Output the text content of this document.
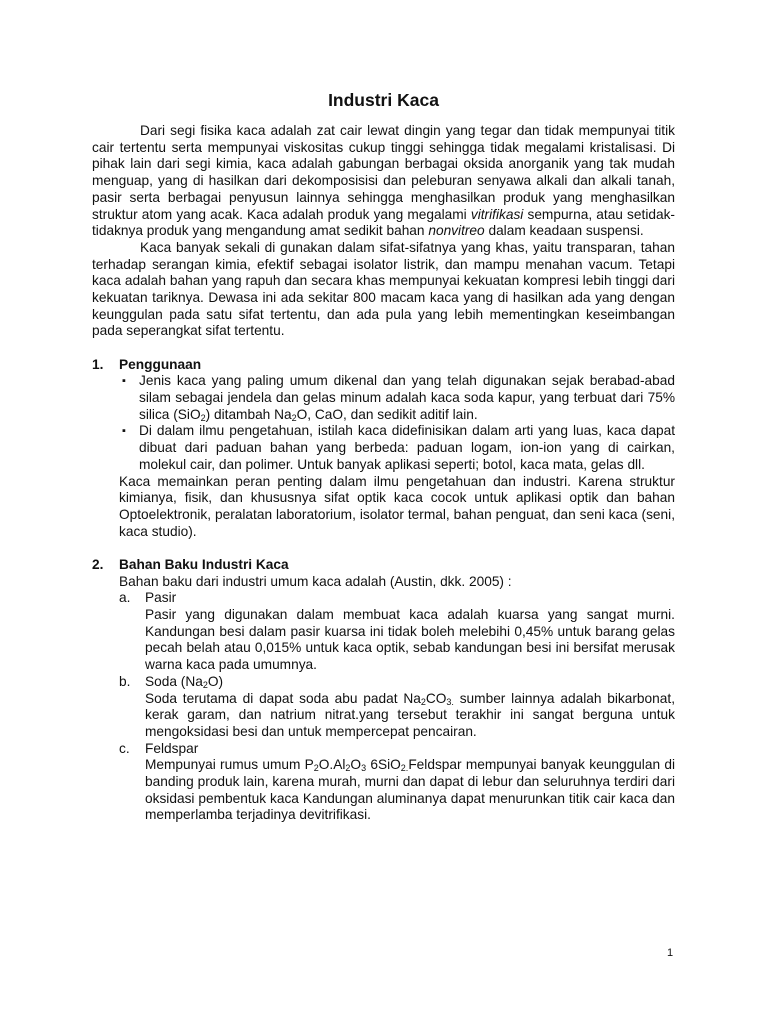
Industri Kaca

Dari segi fisika kaca adalah zat cair lewat dingin yang tegar dan tidak mempunyai titik cair tertentu serta mempunyai viskositas cukup tinggi sehingga tidak megalami kristalisasi. Di pihak lain dari segi kimia, kaca adalah gabungan berbagai oksida anorganik yang tak mudah menguap, yang di hasilkan dari dekomposisisi dan peleburan senyawa alkali dan alkali tanah, pasir serta berbagai penyusun lainnya sehingga menghasilkan produk yang menghasilkan struktur atom yang acak. Kaca adalah produk yang megalami vitrifikasi sempurna, atau setidak-tidaknya produk yang mengandung amat sedikit bahan nonvitreo dalam keadaan suspensi.

Kaca banyak sekali di gunakan dalam sifat-sifatnya yang khas, yaitu transparan, tahan terhadap serangan kimia, efektif sebagai isolator listrik, dan mampu menahan vacum. Tetapi kaca adalah bahan yang rapuh dan secara khas mempunyai kekuatan kompresi lebih tinggi dari kekuatan tariknya. Dewasa ini ada sekitar 800 macam kaca yang di hasilkan ada yang dengan keunggulan pada satu sifat tertentu, dan ada pula yang lebih mementingkan keseimbangan pada seperangkat sifat tertentu.

1. Penggunaan

▪ Jenis kaca yang paling umum dikenal dan yang telah digunakan sejak berabad-abad silam sebagai jendela dan gelas minum adalah kaca soda kapur, yang terbuat dari 75% silica (SiO$_2$) ditambah $Na_2O$, CaO, dan sedikit aditif lain.
▪ Di dalam ilmu pengetahuan, istilah kaca didefinisikan dalam arti yang luas, kaca dapat dibuat dari paduan bahan yang berbeda: paduan logam, ion-ion yang di cairkan, molekul cair, dan polimer. Untuk banyak aplikasi seperti; botol, kaca mata, gelas dll.

Kaca memainkan peran penting dalam ilmu pengetahuan dan industri. Karena struktur kimianya, fisik, dan khususnya sifat optik kaca cocok untuk aplikasi optik dan bahan Optoelektronik, peralatan laboratorium, isolator termal, bahan penguat, dan seni kaca (seni, kaca studio).

2. Bahan Baku Industri Kaca

Bahan baku dari industri umum kaca adalah (Austin, dkk. 2005) :

a. Pasir

Pasir yang digunakan dalam membuat kaca adalah kuarsa yang sangat murni. Kandungan besi dalam pasir kuarsa ini tidak boleh melebihi 0,45% untuk barang gelas pecah belah atau 0,015% untuk kaca optik, sebab kandungan besi ini bersifat merusak warna kaca pada umumnya.

b. Soda $(Na_2O)$

Soda terutama di dapat soda abu padat $Na_2CO_{3.}$ sumber lainnya adalah bikarbonat, kerak garam, dan natrium nitrat.yang tersebut terakhir ini sangat berguna untuk mengoksidasi besi dan untuk mempercepat pencairan.

c. Feldspar

Mempunyai rumus umum $P_2O.Al_2O_3$ 6SiO$_{2.}$Feldspar mempunyai banyak keunggulan di banding produk lain, karena murah, murni dan dapat di lebur dan seluruhnya terdiri dari oksidasi pembentuk kaca Kandungan aluminanya dapat menurunkan titik cair kaca dan memperlamba terjadinya devitrifikasi.

1
